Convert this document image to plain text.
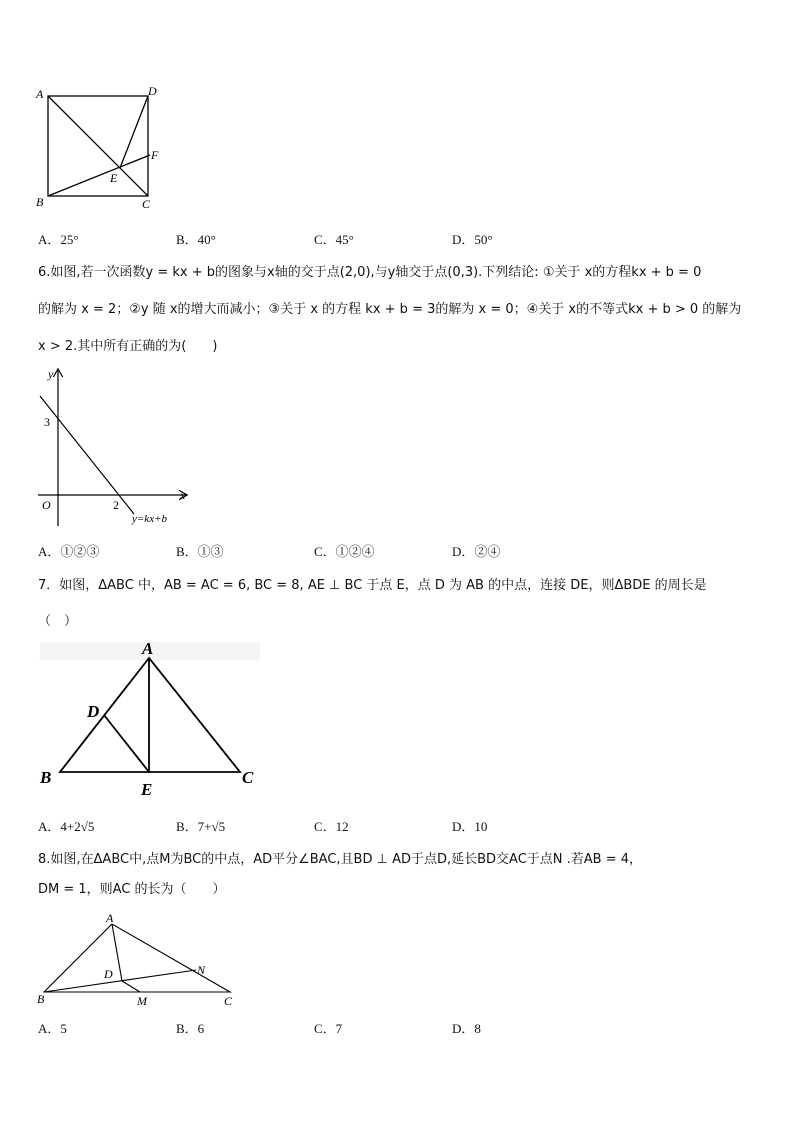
A	D
F
E
B	C
A．25°	B．40°	C．45°	D．50°
6.如图,若一次函数y = kx + b的图象与x轴的交于点(2,0),与y轴交于点(0,3).下列结论: ①关于 x的方程kx + b = 0
的解为 x = 2；②y 随 x的增大而减小；③关于 x 的方程 kx + b = 3的解为 x = 0；④关于 x的不等式kx + b > 0 的解为
x > 2.其中所有正确的为(　　)
y
3
O	2
x
y=kx+b
A．①②③	B．①③	C．①②④	D．②④
7．如图，ΔABC 中，AB = AC = 6, BC = 8, AE ⊥ BC 于点 E，点 D 为 AB 的中点，连接 DE，则ΔBDE 的周长是
（　）
A
D
B
E
C
A．4+2√5	B．7+√5	C．12	D．10
8.如图,在ΔABC中,点M为BC的中点，AD平分∠BAC,且BD ⊥ AD于点D,延长BD交AC于点N .若AB = 4，
DM = 1，则AC 的长为（　　）
A
D	N
B	M	C
A．5	B．6	C．7	D．8
